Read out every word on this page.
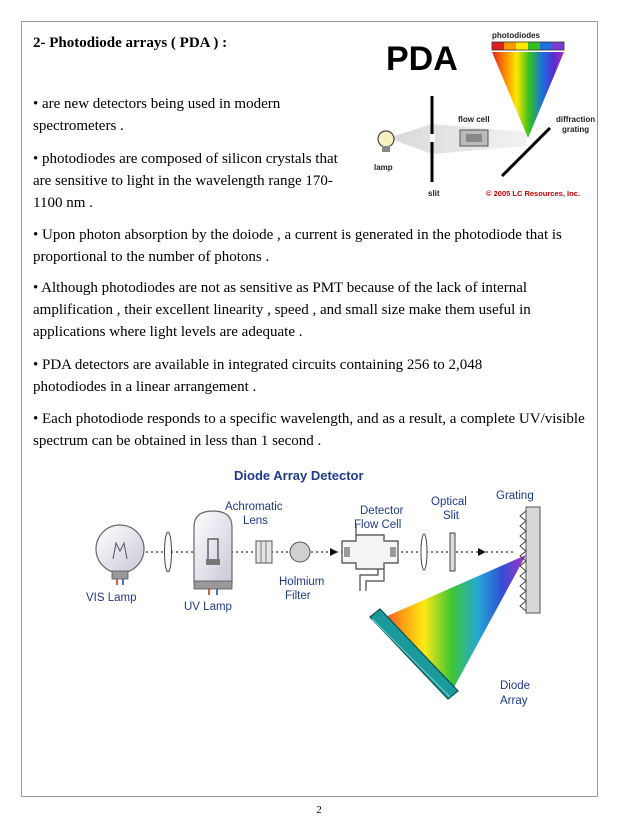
2- Photodiode arrays ( PDA ) :
• are new detectors being used in modern spectrometers .
• photodiodes are composed of silicon crystals that are sensitive to light in the wavelength range 170-1100 nm .
• Upon photon absorption by the doiode , a current is generated in the photodiode that is proportional to the number of photons .
• Although photodiodes are not as sensitive as PMT because of the lack of internal amplification , their excellent linearity , speed , and small size make them useful in applications where light levels are adequate .
• PDA detectors are available in integrated circuits containing 256 to 2,048 photodiodes in a linear arrangement .
• Each photodiode responds to a specific wavelength, and as a result, a complete UV/visible spectrum can be obtained in less than 1 second .
PDA
photodiodes
lamp
slit
flow cell	diffraction
grating
© 2005 LC Resources, Inc.
Diode Array Detector
Achromatic
Lens
Detector
Flow Cell
Optical
Slit
Grating
VIS Lamp
UV Lamp
Holmium
Filter
Diode
Array
2
